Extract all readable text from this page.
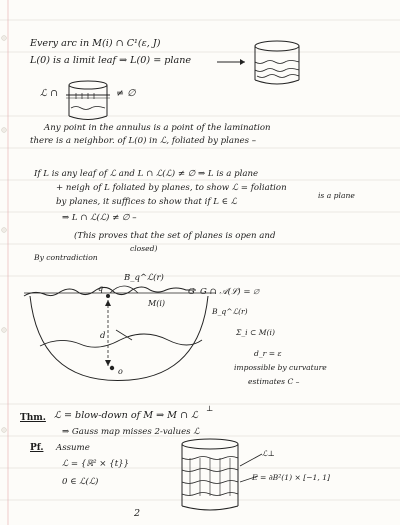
Every arc in M(i) ∩ C¹(ε, J)
L(0) is a limit leaf ⇒ L(0) = plane
ℒ ∩	≠ ∅
Any point in the annulus is a point of the lamination
there is a neighbor. of L(0) in ℒ, foliated by planes –
If L is any leaf of ℒ and L ∩ ℒ(ℒ) ≠ ∅ ⇒ L is a plane
+ neigh of L foliated by planes, to show ℒ = foliation
by planes, it suffices to show that if L ∈ ℒ
is a plane
⇒ L ∩ ℒ(ℒ) ≠ ∅ –
(This proves that the set of planes is open and
closed)
By contradiction
B_q^ℒ(r)
q
M(i)
d
o
G G ∩ 𝒜(ℒ) = ∅
B_q^ℒ(r)
Σ_i ⊂ M(i)
d_r = ε
impossible by curvature
estimates C –
Thm. ℒ = blow-down of M ⇒ M ∩ ℒ
⊥
⇒ Gauss map misses 2-values ℒ
Pf. Assume
ℒ = {ℝ² × {t}}
0 ∈ ℒ(ℒ)
ℒ⊥
E = ∂B²(1) × [−1, 1]
2
